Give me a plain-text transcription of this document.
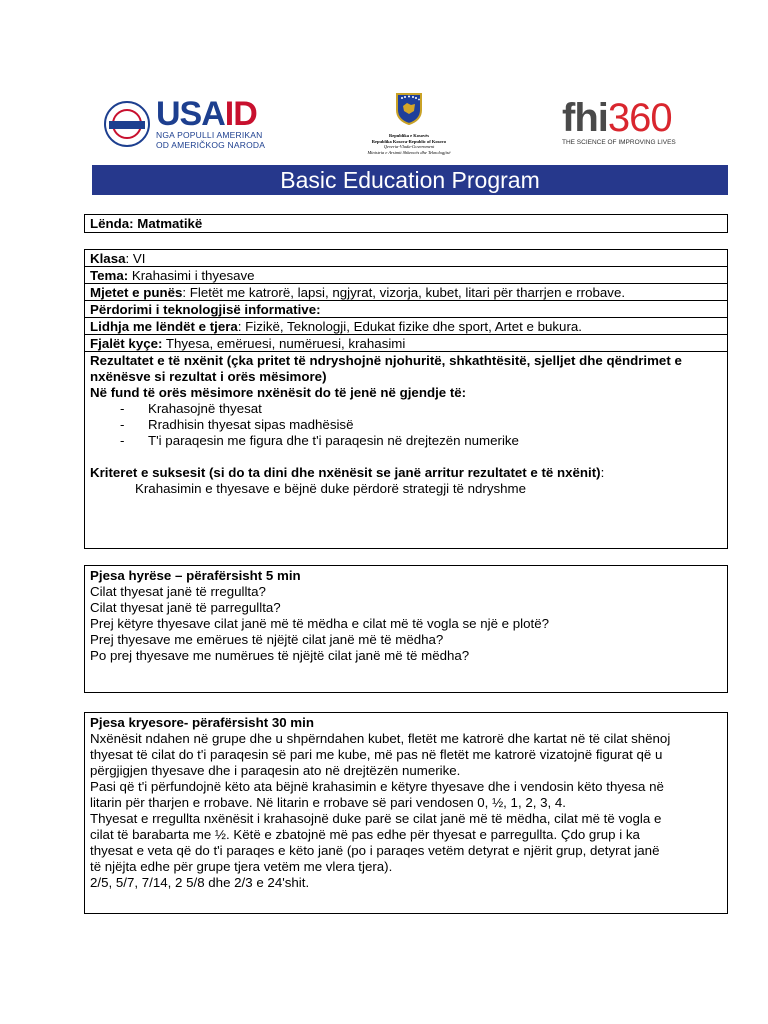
USAID
NGA POPULLI AMERIKAN
OD AMERIČKOG NARODA
Republika e Kosovës
Republika Kosova-Republic of Kosovo
Qeveria-Vlada-Government
Ministria e Arsimit Shkencës dhe Teknologjisë
fhi360
THE SCIENCE OF IMPROVING LIVES
Basic Education Program
Lënda: Matmatikë
Klasa: VI
Tema: Krahasimi i thyesave
Mjetet e punës: Fletët me katrorë, lapsi, ngjyrat, vizorja, kubet, litari për tharrjen e rrobave.
Përdorimi i teknologjisë informative:
Lidhja me lëndët e tjera: Fizikë, Teknologji, Edukat fizike dhe sport, Artet e bukura.
Fjalët kyçe: Thyesa, emëruesi, numëruesi, krahasimi
Rezultatet e të nxënit (çka pritet të ndryshojnë njohuritë, shkathtësitë, sjelljet dhe qëndrimet e nxënësve si rezultat i orës mësimore)
Në fund të orës mësimore nxënësit do të jenë në gjendje të:
- Krahasojnë thyesat
- Rradhisin thyesat sipas madhësisë
- T'i paraqesin me figura dhe t'i paraqesin në drejtezën numerike
Kriteret e suksesit (si do ta dini dhe nxënësit se janë arritur rezultatet e të nxënit):
Krahasimin e thyesave e bëjnë duke përdorë strategji të ndryshme
Pjesa hyrëse – përafërsisht 5 min

Cilat thyesat janë të rregullta?

Cilat thyesat janë të parregullta?

Prej këtyre thyesave cilat janë më të mëdha e cilat më të vogla se një e plotë?

Prej thyesave me emërues të njëjtë cilat janë më të mëdha?

Po prej thyesave me numërues të njëjtë cilat janë më të mëdha?

Pjesa kryesore- përafërsisht 30 min

Nxënësit ndahen në grupe dhe u shpërndahen kubet, fletët me katrorë dhe kartat në të cilat shënoj

thyesat të cilat do t'i paraqesin së pari me kube, më pas në fletët me katrorë vizatojnë figurat që u

përgjigjen thyesave dhe i paraqesin ato në drejtëzën numerike.

Pasi që t'i përfundojnë këto ata bëjnë krahasimin e këtyre thyesave dhe i vendosin këto thyesa në

litarin për tharjen e rrobave. Në litarin e rrobave së pari vendosen 0, ½, 1, 2, 3, 4.

Thyesat e rregullta nxënësit i krahasojnë duke parë se cilat janë më të mëdha, cilat më të vogla e

cilat të barabarta me ½. Këtë e zbatojnë më pas edhe për thyesat e parregullta. Çdo grup i ka

thyesat e veta që do t'i paraqes e këto janë (po i paraqes vetëm detyrat e njërit grup, detyrat janë

të njëjta edhe për grupe tjera vetëm me vlera tjera).

2/5, 5/7, 7/14, 2 5/8 dhe 2/3 e 24'shit.
